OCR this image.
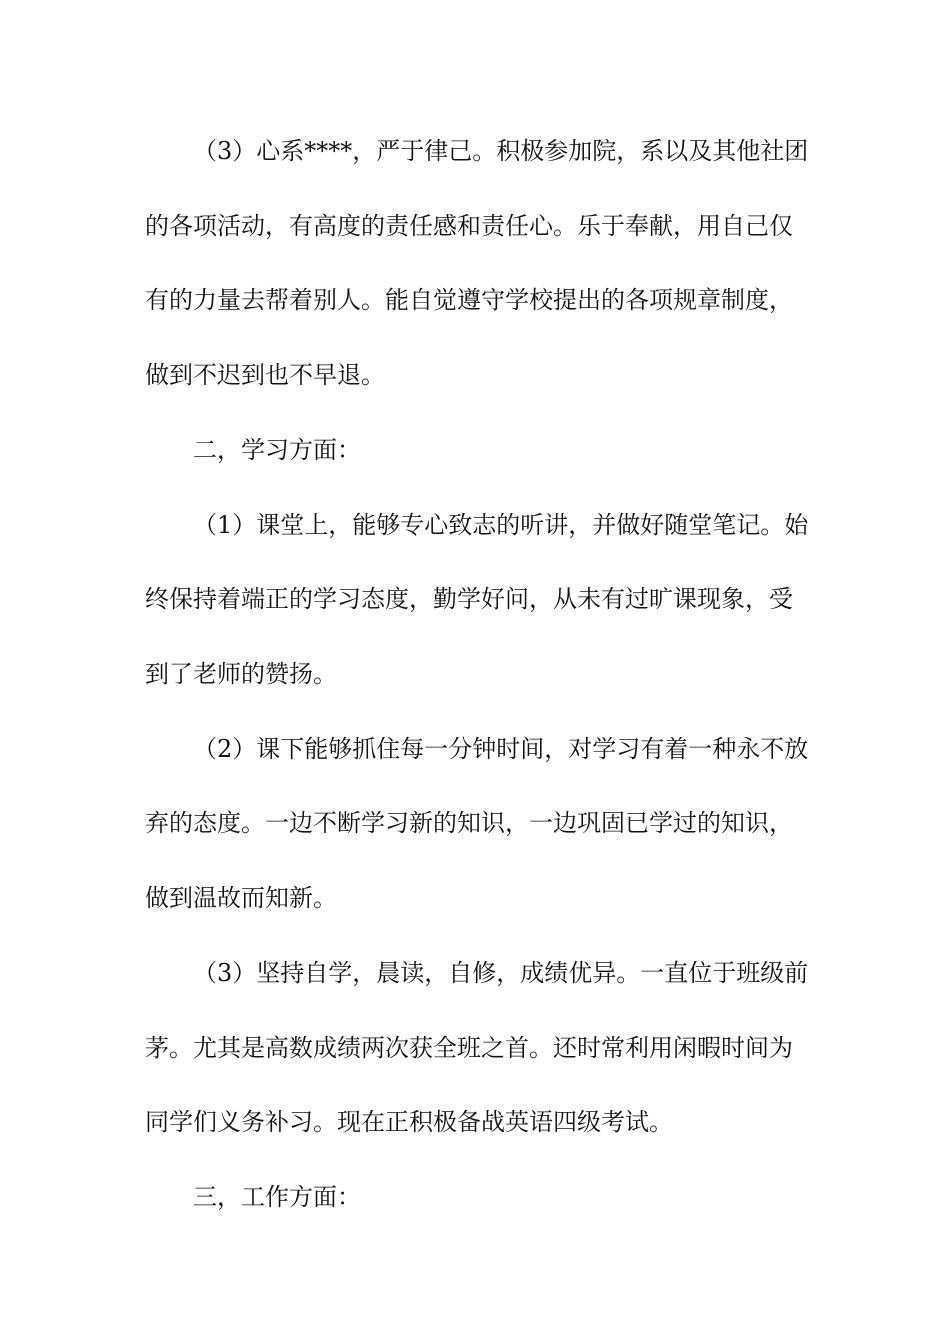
（3）心系****，严于律己。积极参加院，系以及其他社团
的各项活动，有高度的责任感和责任心。乐于奉献，用自己仅
有的力量去帮着别人。能自觉遵守学校提出的各项规章制度，
做到不迟到也不早退。
二，学习方面：
（1）课堂上，能够专心致志的听讲，并做好随堂笔记。始
终保持着端正的学习态度，勤学好问，从未有过旷课现象，受
到了老师的赞扬。
（2）课下能够抓住每一分钟时间，对学习有着一种永不放
弃的态度。一边不断学习新的知识，一边巩固已学过的知识，
做到温故而知新。
（3）坚持自学，晨读，自修，成绩优异。一直位于班级前
茅。尤其是高数成绩两次获全班之首。还时常利用闲暇时间为
同学们义务补习。现在正积极备战英语四级考试。
三，工作方面：
